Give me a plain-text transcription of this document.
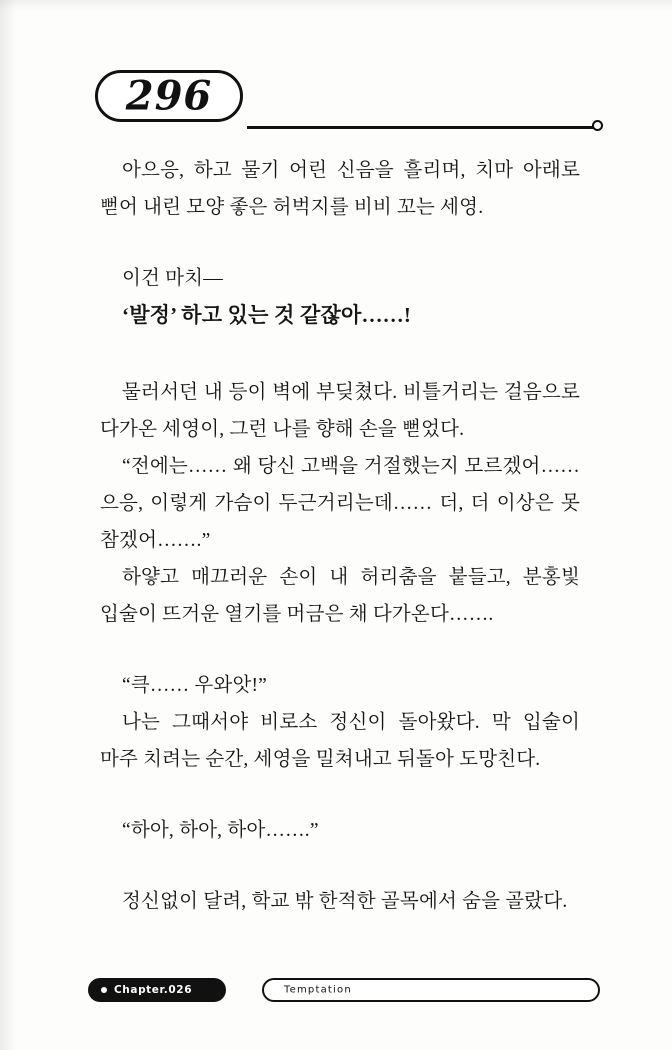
296

아으응, 하고 물기 어린 신음을 흘리며, 치마 아래로 뻗어 내린 모양 좋은 허벅지를 비비 꼬는 세영.

이건 마치―

‘발정’ 하고 있는 것 같잖아……!

물러서던 내 등이 벽에 부딪쳤다. 비틀거리는 걸음으로 다가온 세영이, 그런 나를 향해 손을 뻗었다.

“전에는…… 왜 당신 고백을 거절했는지 모르겠어…… 으응, 이렇게 가슴이 두근거리는데…… 더, 더 이상은 못 참겠어…….”

하얗고 매끄러운 손이 내 허리춤을 붙들고, 분홍빛 입술이 뜨거운 열기를 머금은 채 다가온다…….

“큭…… 우와앗!”

나는 그때서야 비로소 정신이 돌아왔다. 막 입술이 마주 치려는 순간, 세영을 밀쳐내고 뒤돌아 도망친다.

“하아, 하아, 하아…….”

정신없이 달려, 학교 밖 한적한 골목에서 숨을 골랐다.

Chapter.026	Temptation
